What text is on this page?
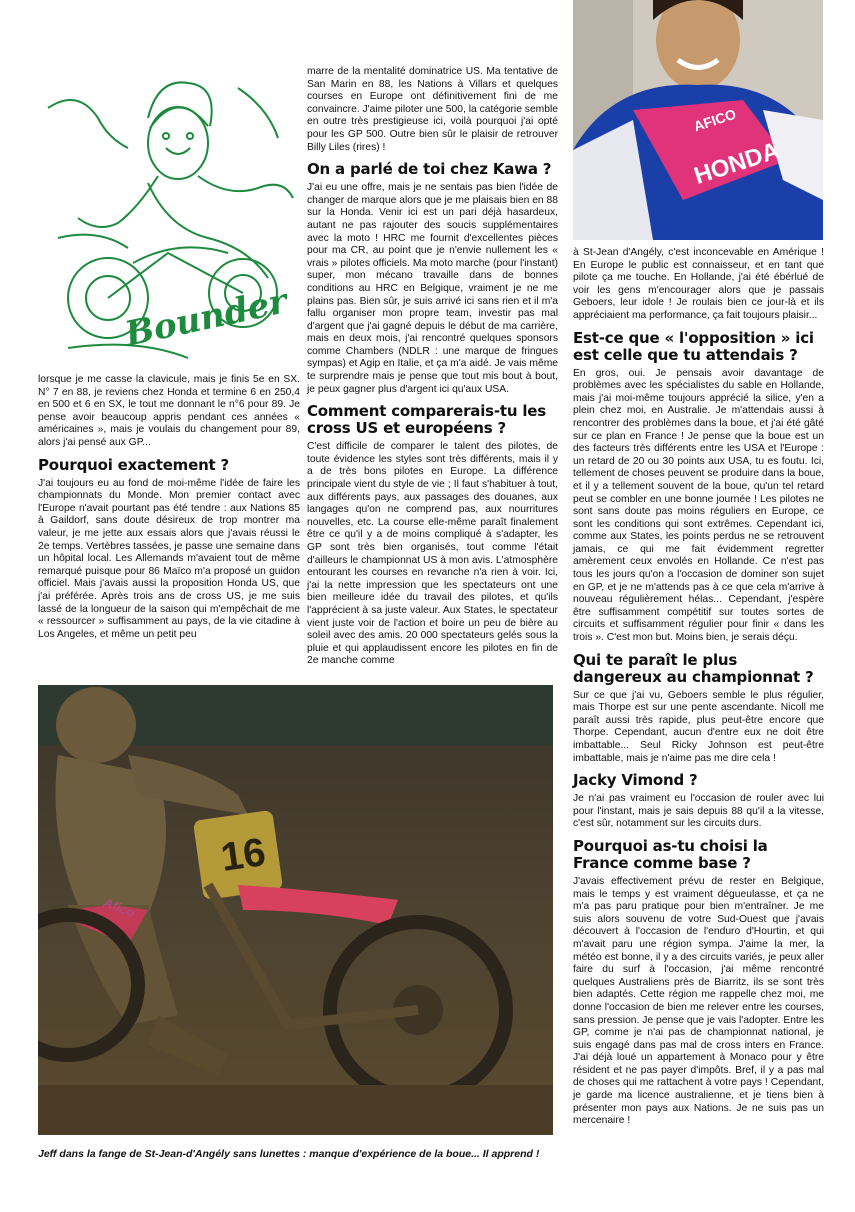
Bounder
AFICO
HONDA

lorsque je me casse la clavicule, mais je finis 5e en SX. N° 7 en 88, je reviens chez Honda et termine 6 en 250,4 en 500 et 6 en SX, le tout me donnant le n°6 pour 89. Je pense avoir beaucoup appris pendant ces années « américaines », mais je voulais du changement pour 89, alors j'ai pensé aux GP...

Pourquoi exactement ?

J'ai toujours eu au fond de moi-même l'idée de faire les championnats du Monde. Mon premier contact avec l'Europe n'avait pourtant pas été tendre : aux Nations 85 à Gaildorf, sans doute désireux de trop montrer ma valeur, je me jette aux essais alors que j'avais réussi le 2e temps. Vertèbres tassées, je passe une semaine dans un hôpital local. Les Allemands m'avaient tout de même remarqué puisque pour 86 Maïco m'a proposé un guidon officiel. Mais j'avais aussi la proposition Honda US, que j'ai préférée. Après trois ans de cross US, je me suis lassé de la longueur de la saison qui m'empêchait de me « ressourcer » suffisamment au pays, de la vie citadine à Los Angeles, et même un petit peu

marre de la mentalité dominatrice US. Ma tentative de San Marin en 88, les Nations à Villars et quelques courses en Europe ont définitivement fini de me convaincre. J'aime piloter une 500, la catégorie semble en outre très prestigieuse ici, voilà pourquoi j'ai opté pour les GP 500. Outre bien sûr le plaisir de retrouver Billy Liles (rires) !

On a parlé de toi chez Kawa ?

J'ai eu une offre, mais je ne sentais pas bien l'idée de changer de marque alors que je me plaisais bien en 88 sur la Honda. Venir ici est un pari déjà hasardeux, autant ne pas rajouter des soucis supplémentaires avec la moto ! HRC me fournit d'excellentes pièces pour ma CR, au point que je n'envie nullement les « vrais » pilotes officiels. Ma moto marche (pour l'instant) super, mon mécano travaille dans de bonnes conditions au HRC en Belgique, vraiment je ne me plains pas. Bien sûr, je suis arrivé ici sans rien et il m'a fallu organiser mon propre team, investir pas mal d'argent que j'ai gagné depuis le début de ma carrière, mais en deux mois, j'ai rencontré quelques sponsors comme Chambers (NDLR : une marque de fringues sympas) et Agip en Italie, et ça m'a aidé. Je vais même te surprendre mais je pense que tout mis bout à bout, je peux gagner plus d'argent ici qu'aux USA.

Comment comparerais-tu les cross US et européens ?

C'est difficile de comparer le talent des pilotes, de toute évidence les styles sont très différents, mais il y a de très bons pilotes en Europe. La différence principale vient du style de vie ; Il faut s'habituer à tout, aux différents pays, aux passages des douanes, aux langages qu'on ne comprend pas, aux nourritures nouvelles, etc. La course elle-même paraît finalement être ce qu'il y a de moins compliqué à s'adapter, les GP sont très bien organisés, tout comme l'était d'ailleurs le championnat US à mon avis. L'atmosphère entourant les courses en revanche n'a rien à voir. Ici, j'ai la nette impression que les spectateurs ont une bien meilleure idée du travail des pilotes, et qu'ils l'apprécient à sa juste valeur. Aux States, le spectateur vient juste voir de l'action et boire un peu de bière au soleil avec des amis. 20 000 spectateurs gelés sous la pluie et qui applaudissent encore les pilotes en fin de 2e manche comme

à St-Jean d'Angély, c'est inconcevable en Amérique ! En Europe le public est connaisseur, et en tant que pilote ça me touche. En Hollande, j'ai été ébérlué de voir les gens m'encourager alors que je passais Geboers, leur idole ! Je roulais bien ce jour-là et ils appréciaient ma performance, ça fait toujours plaisir...

Est-ce que « l'opposition » ici est celle que tu attendais ?

En gros, oui. Je pensais avoir davantage de problèmes avec les spécialistes du sable en Hollande, mais j'ai moi-même toujours apprécié la silice, y'en a plein chez moi, en Australie. Je m'attendais aussi à rencontrer des problèmes dans la boue, et j'ai été gâté sur ce plan en France ! Je pense que la boue est un des facteurs très différents entre les USA et l'Europe : un retard de 20 ou 30 points aux USA, tu es foutu. Ici, tellement de choses peuvent se produire dans la boue, et il y a tellement souvent de la boue, qu'un tel retard peut se combler en une bonne journée ! Les pilotes ne sont sans doute pas moins réguliers en Europe, ce sont les conditions qui sont extrêmes. Cependant ici, comme aux States, les points perdus ne se retrouvent jamais, ce qui me fait évidemment regretter amèrement ceux envolés en Hollande. Ce n'est pas tous les jours qu'on a l'occasion de dominer son sujet en GP, et je ne m'attends pas à ce que cela m'arrive à nouveau régulièrement hélas... Cependant, j'espère être suffisamment compétitif sur toutes sortes de circuits et suffisamment régulier pour finir « dans les trois ». C'est mon but. Moins bien, je serais déçu.

Qui te paraît le plus dangereux au championnat ?

Sur ce que j'ai vu, Geboers semble le plus régulier, mais Thorpe est sur une pente ascendante. Nicoll me paraît aussi très rapide, plus peut-être encore que Thorpe. Cependant, aucun d'entre eux ne doit être imbattable... Seul Ricky Johnson est peut-être imbattable, mais je n'aime pas me dire cela !

Jacky Vimond ?

Je n'ai pas vraiment eu l'occasion de rouler avec lui pour l'instant, mais je sais depuis 88 qu'il a la vitesse, c'est sûr, notamment sur les circuits durs.

Pourquoi as-tu choisi la France comme base ?

J'avais effectivement prévu de rester en Belgique, mais le temps y est vraiment dégueulasse, et ça ne m'a pas paru pratique pour bien m'entraîner. Je me suis alors souvenu de votre Sud-Ouest que j'avais découvert à l'occasion de l'enduro d'Hourtin, et qui m'avait paru une région sympa. J'aime la mer, la météo est bonne, il y a des circuits variés, je peux aller faire du surf à l'occasion, j'ai même rencontré quelques Australiens près de Biarritz, ils se sont très bien adaptés. Cette région me rappelle chez moi, me donne l'occasion de bien me relever entre les courses, sans pression. Je pense que je vais l'adopter. Entre les GP, comme je n'ai pas de championnat national, je suis engagé dans pas mal de cross inters en France. J'ai déjà loué un appartement à Monaco pour y être résident et ne pas payer d'impôts. Bref, il y a pas mal de choses qui me rattachent à votre pays ! Cependant, je garde ma licence australienne, et je tiens bien à présenter mon pays aux Nations. Je ne suis pas un mercenaire !

16
Afico
Jeff dans la fange de St-Jean-d'Angély sans lunettes : manque d'expérience de la boue... Il apprend !
